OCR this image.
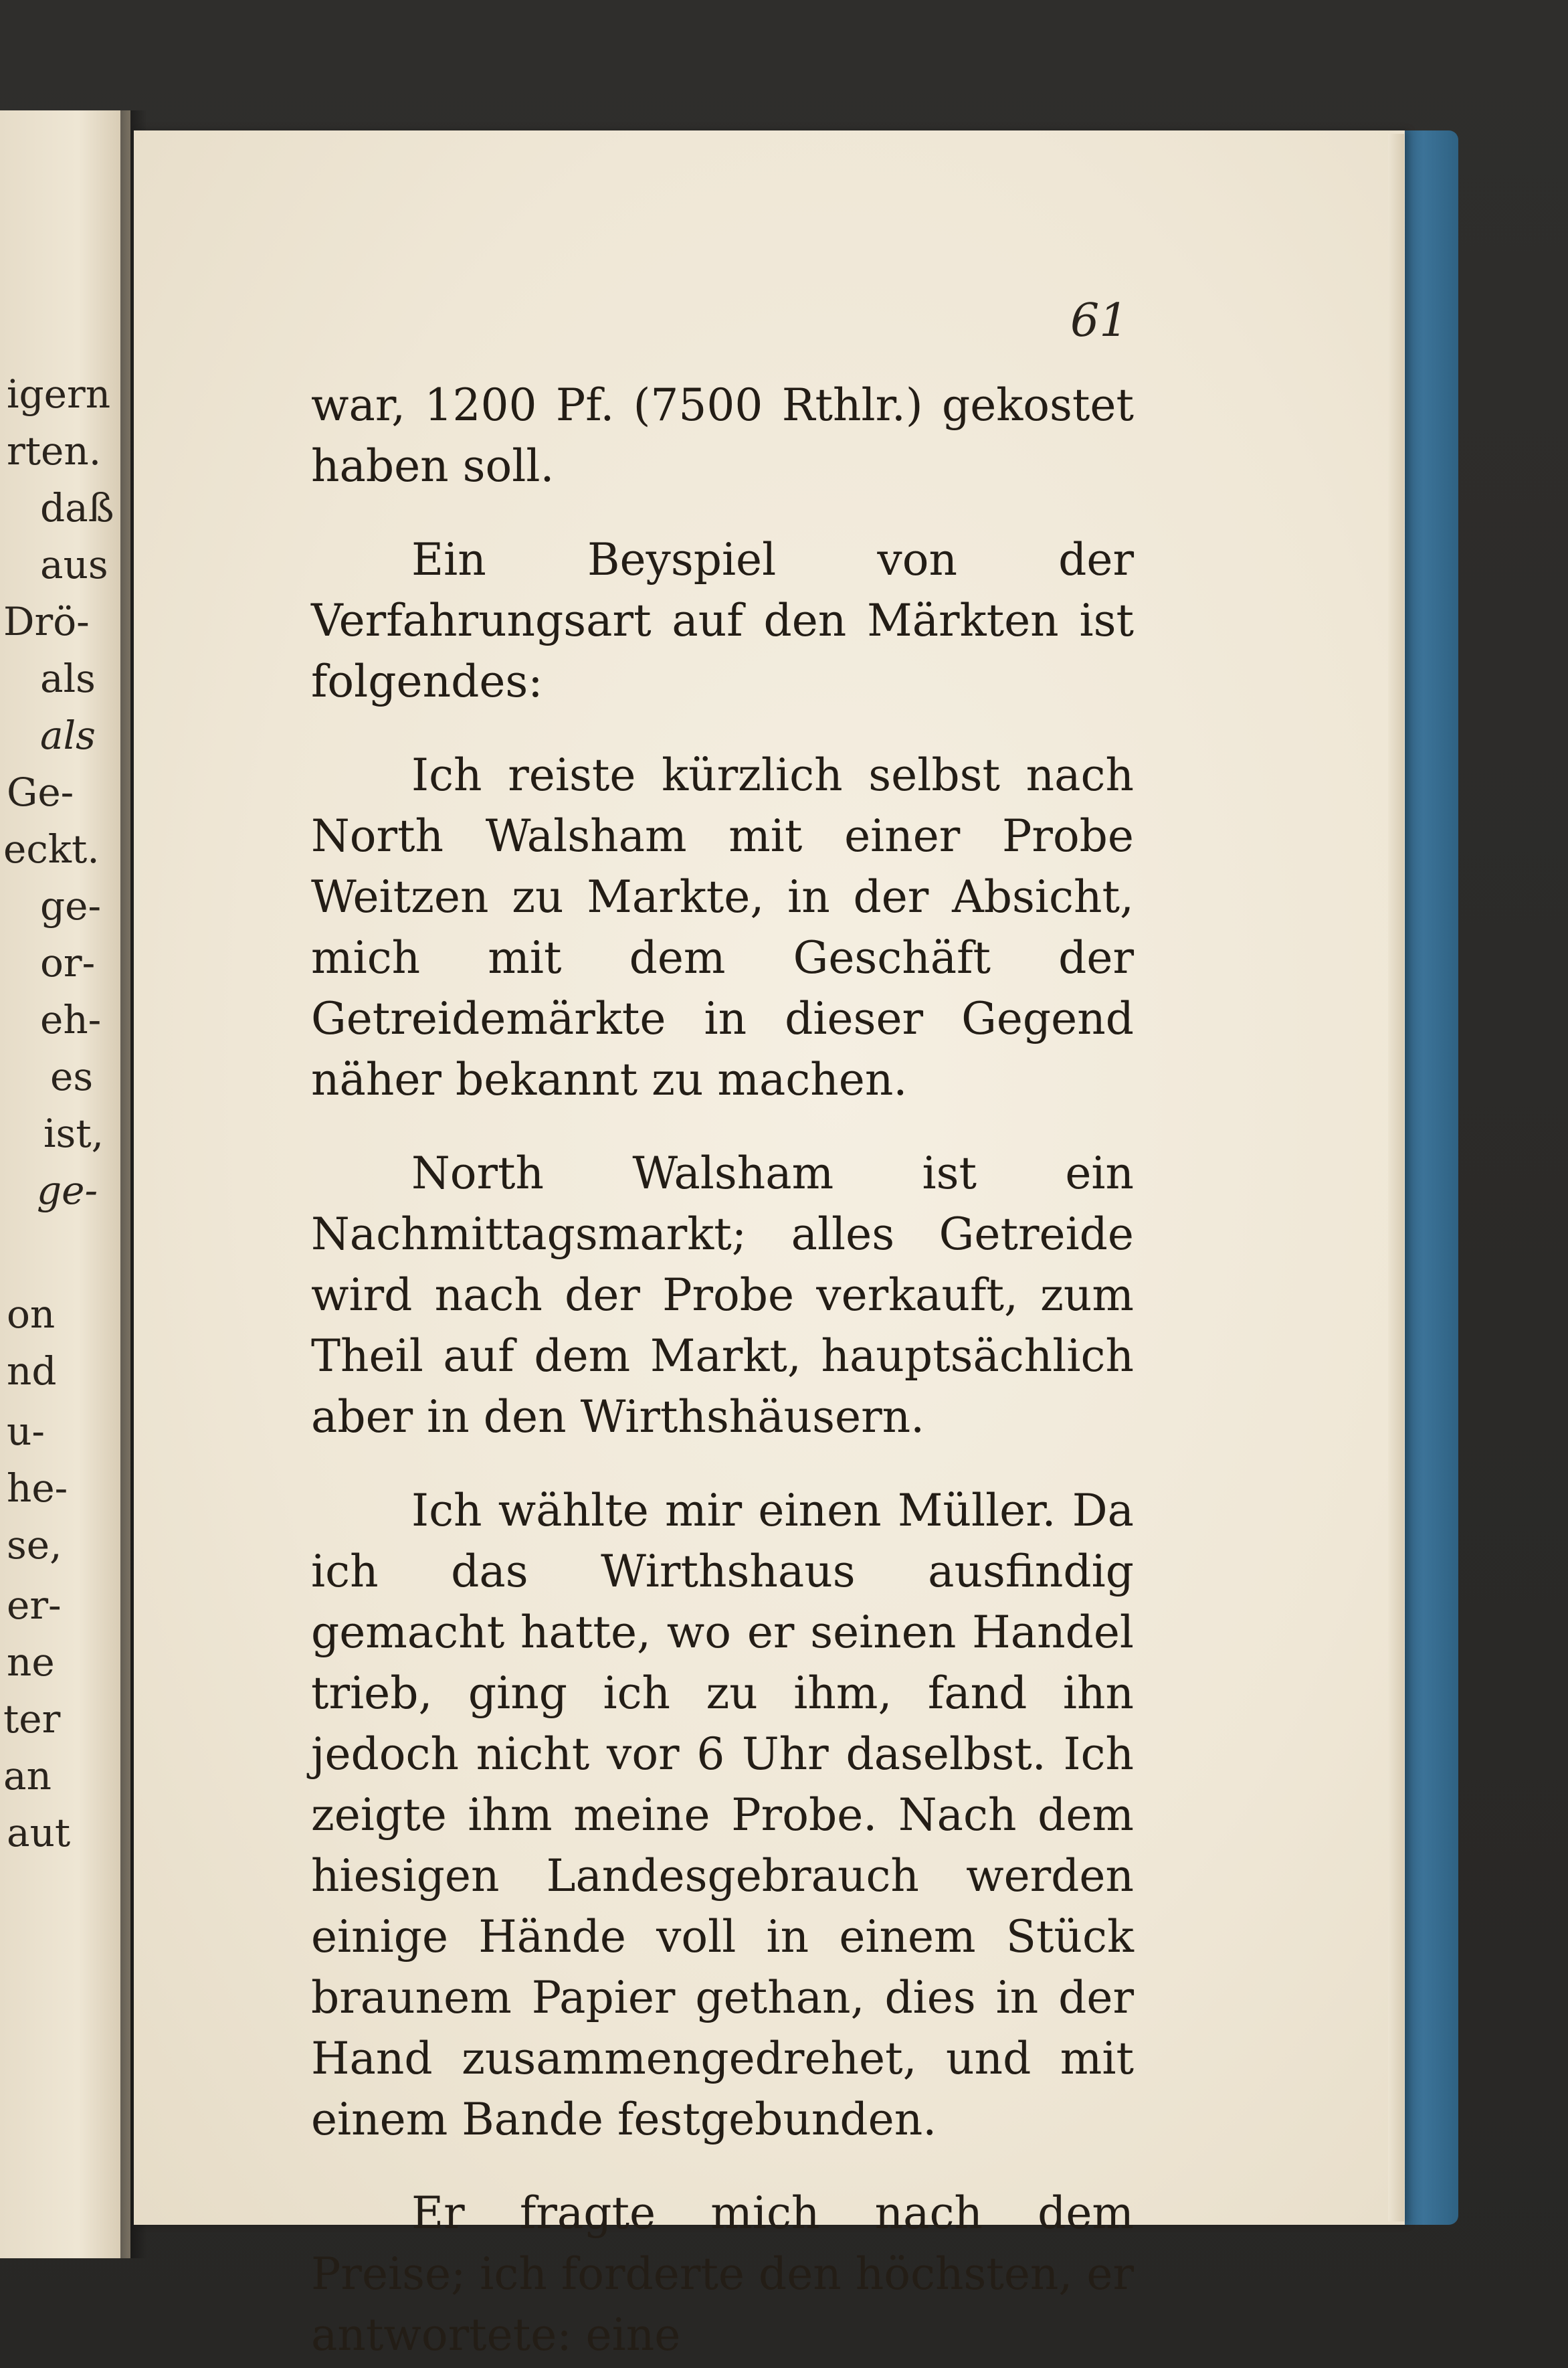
igern
rten.
daß
aus
Drö-
als
als
Ge-
eckt.
ge-
or-
eh-
es
ist,
ge-
on
nd
u-
he-
se,
er-
ne
ter
an
aut
61

war, 1200 Pf. (7500 Rthlr.) gekostet haben soll.

Ein Beyspiel von der Verfahrungsart auf den Märkten ist folgendes:

Ich reiste kürzlich selbst nach North Walsham mit einer Probe Weitzen zu Markte, in der Absicht, mich mit dem Geschäft der Getreidemärkte in dieser Gegend näher bekannt zu machen.

North Walsham ist ein Nachmittagsmarkt; alles Getreide wird nach der Probe verkauft, zum Theil auf dem Markt, hauptsächlich aber in den Wirthshäusern.

Ich wählte mir einen Müller. Da ich das Wirthshaus ausfindig gemacht hatte, wo er seinen Handel trieb, ging ich zu ihm, fand ihn jedoch nicht vor 6 Uhr daselbst. Ich zeigte ihm meine Probe. Nach dem hiesigen Landesgebrauch werden einige Hände voll in einem Stück braunem Papier gethan, dies in der Hand zusammengedrehet, und mit einem Bande festgebunden.

Er fragte mich nach dem Preise; ich forderte den höchsten, er antwortete: eine
